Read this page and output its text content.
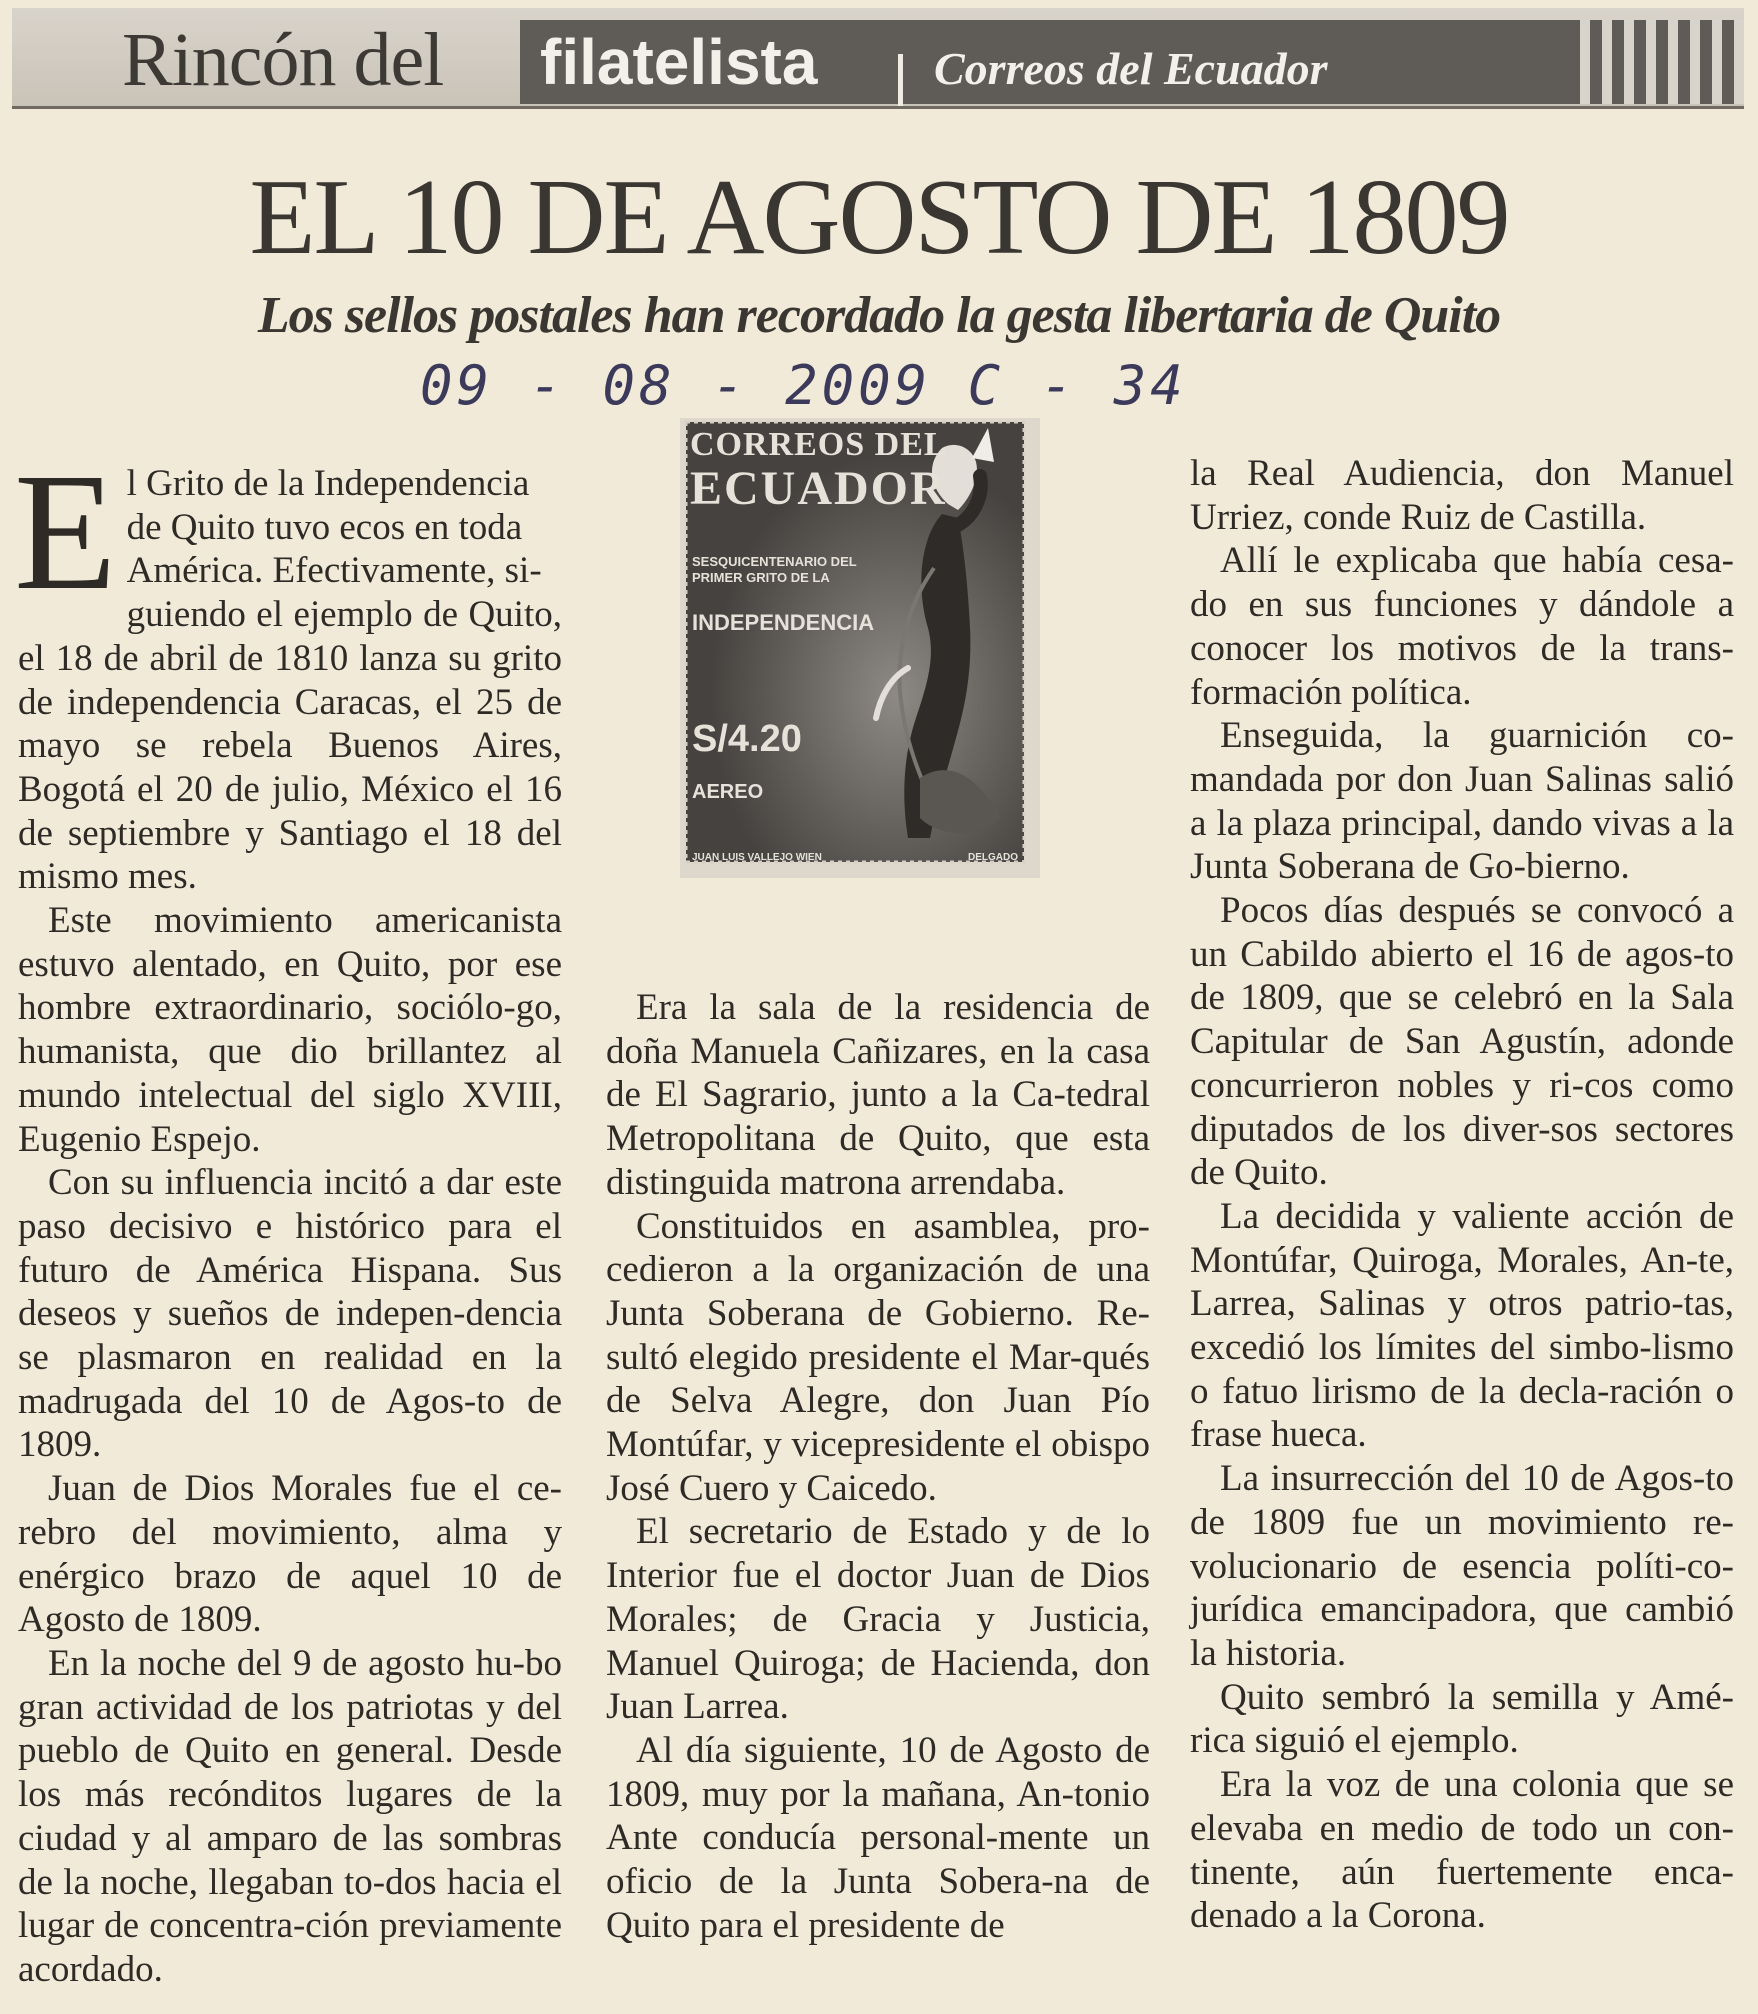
Rincón del filatelista	Correos del Ecuador

EL 10 DE AGOSTO DE 1809
Los sellos postales han recordado la gesta libertaria de Quito
09 - 08 - 2009 C - 34
CORREOS DEL
ECUADOR
SESQUICENTENARIO DEL PRIMER GRITO DE LA
INDEPENDENCIA
S/4.20
AEREO
JUAN LUIS VALLEJO WIEN	DELGADO

E l Grito de la Independencia
de Quito tuvo ecos en toda
América. Efectivamente, si-
guiendo el ejemplo de Quito, el 18 de abril de 1810 lanza su grito de independencia Caracas, el 25 de mayo se rebela Buenos Aires, Bogotá el 20 de julio, México el 16 de septiembre y Santiago el 18 del mismo mes.

Este movimiento americanista estuvo alentado, en Quito, por ese hombre extraordinario, sociólo-go, humanista, que dio brillantez al mundo intelectual del siglo XVIII, Eugenio Espejo.

Con su influencia incitó a dar este paso decisivo e histórico para el futuro de América Hispana. Sus deseos y sueños de indepen-dencia se plasmaron en realidad en la madrugada del 10 de Agos-to de 1809.

Juan de Dios Morales fue el ce-rebro del movimiento, alma y enérgico brazo de aquel 10 de Agosto de 1809.

En la noche del 9 de agosto hu-bo gran actividad de los patriotas y del pueblo de Quito en general. Desde los más recónditos lugares de la ciudad y al amparo de las sombras de la noche, llegaban to-dos hacia el lugar de concentra-ción previamente acordado.

Era la sala de la residencia de doña Manuela Cañizares, en la casa de El Sagrario, junto a la Ca-tedral Metropolitana de Quito, que esta distinguida matrona arrendaba.

Constituidos en asamblea, pro-cedieron a la organización de una Junta Soberana de Gobierno. Re-sultó elegido presidente el Mar-qués de Selva Alegre, don Juan Pío Montúfar, y vicepresidente el obispo José Cuero y Caicedo.

El secretario de Estado y de lo Interior fue el doctor Juan de Dios Morales; de Gracia y Justicia, Manuel Quiroga; de Hacienda, don Juan Larrea.

Al día siguiente, 10 de Agosto de 1809, muy por la mañana, An-tonio Ante conducía personal-mente un oficio de la Junta Sobera-na de Quito para el presidente de

la Real Audiencia, don Manuel Urriez, conde Ruiz de Castilla.

Allí le explicaba que había cesa-do en sus funciones y dándole a conocer los motivos de la trans-formación política.

Enseguida, la guarnición co-mandada por don Juan Salinas salió a la plaza principal, dando vivas a la Junta Soberana de Go-bierno.

Pocos días después se convocó a un Cabildo abierto el 16 de agos-to de 1809, que se celebró en la Sala Capitular de San Agustín, adonde concurrieron nobles y ri-cos como diputados de los diver-sos sectores de Quito.

La decidida y valiente acción de Montúfar, Quiroga, Morales, An-te, Larrea, Salinas y otros patrio-tas, excedió los límites del simbo-lismo o fatuo lirismo de la decla-ración o frase hueca.

La insurrección del 10 de Agos-to de 1809 fue un movimiento re-volucionario de esencia políti-co-jurídica emancipadora, que cambió la historia.

Quito sembró la semilla y Amé-rica siguió el ejemplo.

Era la voz de una colonia que se elevaba en medio de todo un con-tinente, aún fuertemente enca-denado a la Corona.
